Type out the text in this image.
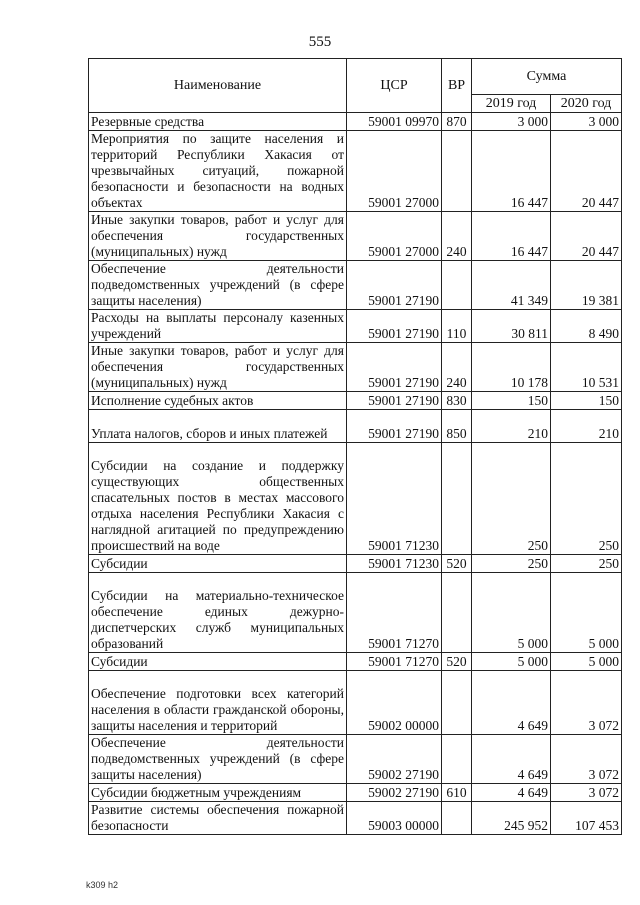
555
Наименование	ЦСР	ВР	Сумма	
			2019 год	2020 год
Резервные средства	59001 09970	870	3 000	3 000
Мероприятия по защите населения и территорий Республики Хакасия от чрезвычайных ситуаций, пожарной безопасности и безопасности на водных объектах	59001 27000		16 447	20 447
Иные закупки товаров, работ и услуг для обеспечения государственных (муниципальных) нужд	59001 27000	240	16 447	20 447
Обеспечение деятельности подведомственных учреждений (в сфере защиты населения)	59001 27190		41 349	19 381
Расходы на выплаты персоналу казенных учреждений	59001 27190	110	30 811	8 490
Иные закупки товаров, работ и услуг для обеспечения государственных (муниципальных) нужд	59001 27190	240	10 178	10 531
Исполнение судебных актов	59001 27190	830	150	150
Уплата налогов, сборов и иных платежей	59001 27190	850	210	210
Субсидии на создание и поддержку существующих общественных спасательных постов в местах массового отдыха населения Республики Хакасия с наглядной агитацией по предупреждению происшествий на воде	59001 71230		250	250
Субсидии	59001 71230	520	250	250
Субсидии на материально-техническое обеспечение единых дежурно-диспетчерских служб муниципальных образований	59001 71270		5 000	5 000
Субсидии	59001 71270	520	5 000	5 000
Обеспечение подготовки всех категорий населения в области гражданской обороны, защиты населения и территорий	59002 00000		4 649	3 072
Обеспечение деятельности подведомственных учреждений (в сфере защиты населения)	59002 27190		4 649	3 072
Субсидии бюджетным учреждениям	59002 27190	610	4 649	3 072
Развитие системы обеспечения пожарной безопасности	59003 00000		245 952	107 453
k309 h2
